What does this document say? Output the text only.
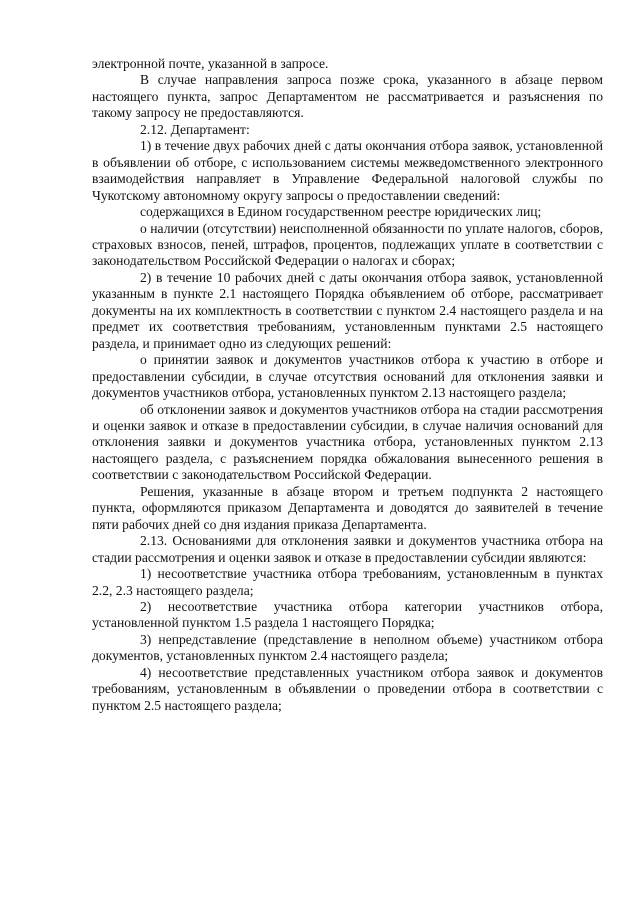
электронной почте, указанной в запросе.

В случае направления запроса позже срока, указанного в абзаце первом настоящего пункта, запрос Департаментом не рассматривается и разъяснения по такому запросу не предоставляются.

2.12. Департамент:

1) в течение двух рабочих дней с даты окончания отбора заявок, установленной в объявлении об отборе, с использованием системы межведомственного электронного взаимодействия направляет в Управление Федеральной налоговой службы по Чукотскому автономному округу запросы о предоставлении сведений:

содержащихся в Едином государственном реестре юридических лиц;

о наличии (отсутствии) неисполненной обязанности по уплате налогов, сборов, страховых взносов, пеней, штрафов, процентов, подлежащих уплате в соответствии с законодательством Российской Федерации о налогах и сборах;

2) в течение 10 рабочих дней с даты окончания отбора заявок, установленной указанным в пункте 2.1 настоящего Порядка объявлением об отборе, рассматривает документы на их комплектность в соответствии с пунктом 2.4 настоящего раздела и на предмет их соответствия требованиям, установленным пунктами 2.5 настоящего раздела, и принимает одно из следующих решений:

о принятии заявок и документов участников отбора к участию в отборе и предоставлении субсидии, в случае отсутствия оснований для отклонения заявки и документов участников отбора, установленных пунктом 2.13 настоящего раздела;

об отклонении заявок и документов участников отбора на стадии рассмотрения и оценки заявок и отказе в предоставлении субсидии, в случае наличия оснований для отклонения заявки и документов участника отбора, установленных пунктом 2.13 настоящего раздела, с разъяснением порядка обжалования вынесенного решения в соответствии с законодательством Российской Федерации.

Решения, указанные в абзаце втором и третьем подпункта 2 настоящего пункта, оформляются приказом Департамента и доводятся до заявителей в течение пяти рабочих дней со дня издания приказа Департамента.

2.13. Основаниями для отклонения заявки и документов участника отбора на стадии рассмотрения и оценки заявок и отказе в предоставлении субсидии являются:

1) несоответствие участника отбора требованиям, установленным в пунктах 2.2, 2.3 настоящего раздела;

2) несоответствие участника отбора категории участников отбора, установленной пунктом 1.5 раздела 1 настоящего Порядка;

3) непредставление (представление в неполном объеме) участником отбора документов, установленных пунктом 2.4 настоящего раздела;

4) несоответствие представленных участником отбора заявок и документов требованиям, установленным в объявлении о проведении отбора в соответствии с пунктом 2.5 настоящего раздела;
